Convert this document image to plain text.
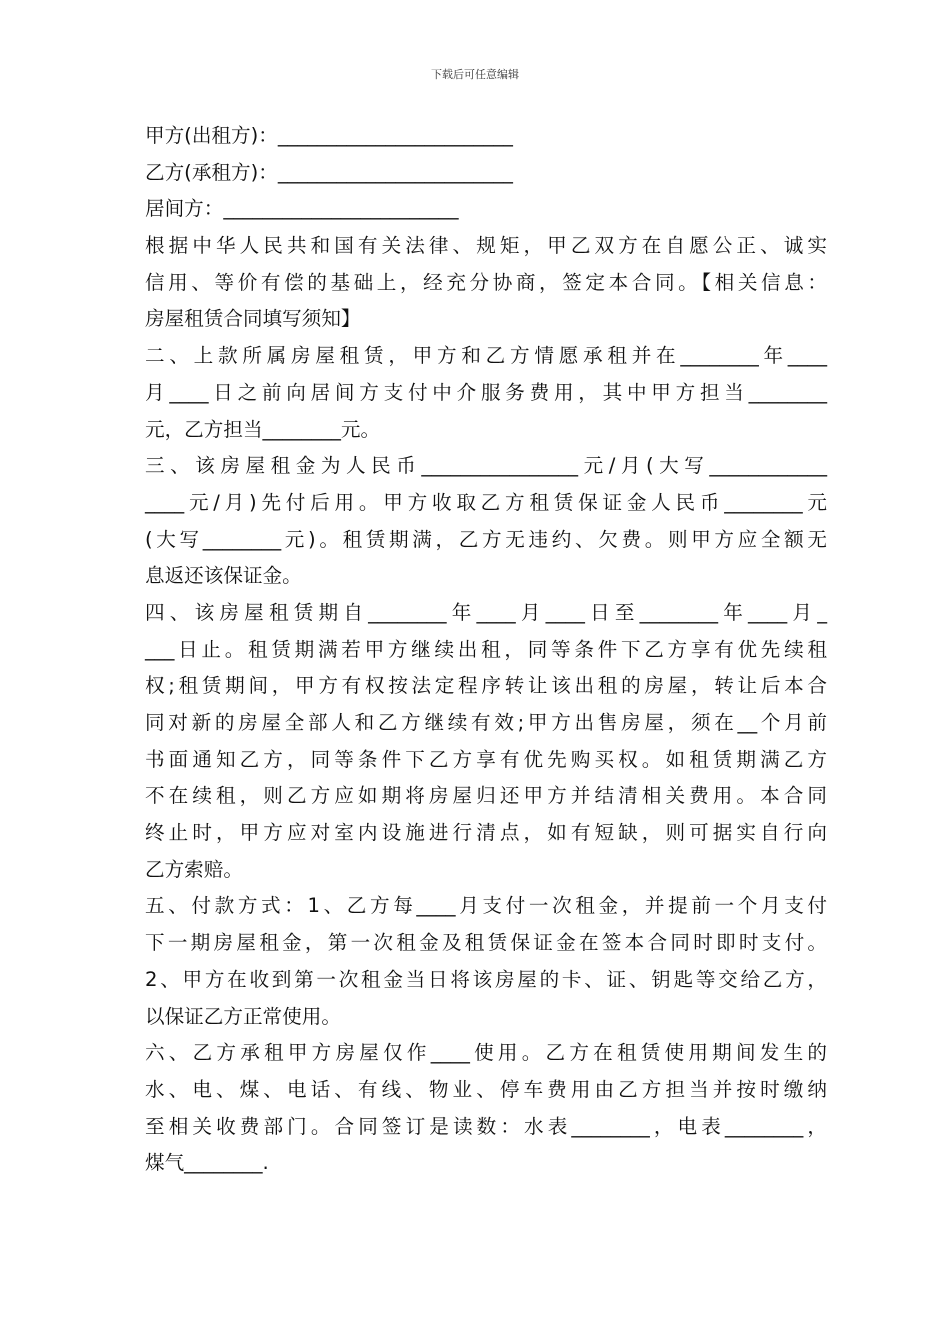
下载后可任意编辑
甲方(出租方)：________________________
乙方(承租方)：________________________
居间方：________________________
根据中华人民共和国有关法律、规矩，甲乙双方在自愿公正、诚实
信用、等价有偿的基础上，经充分协商，签定本合同。【相关信息：
房屋租赁合同填写须知】
二、上款所属房屋租赁，甲方和乙方情愿承租并在________年____
月____日之前向居间方支付中介服务费用，其中甲方担当________
元，乙方担当________元。
三、该房屋租金为人民币________________元/月(大写____________
____元/月)先付后用。甲方收取乙方租赁保证金人民币________元
(大写________元)。租赁期满，乙方无违约、欠费。则甲方应全额无
息返还该保证金。
四、该房屋租赁期自________年____月____日至________年____月_
___日止。租赁期满若甲方继续出租，同等条件下乙方享有优先续租
权;租赁期间，甲方有权按法定程序转让该出租的房屋，转让后本合
同对新的房屋全部人和乙方继续有效;甲方出售房屋，须在__个月前
书面通知乙方，同等条件下乙方享有优先购买权。如租赁期满乙方
不在续租，则乙方应如期将房屋归还甲方并结清相关费用。本合同
终止时，甲方应对室内设施进行清点，如有短缺，则可据实自行向
乙方索赔。
五、付款方式：1、乙方每____月支付一次租金，并提前一个月支付
下一期房屋租金，第一次租金及租赁保证金在签本合同时即时支付。
2、甲方在收到第一次租金当日将该房屋的卡、证、钥匙等交给乙方，
以保证乙方正常使用。
六、乙方承租甲方房屋仅作____使用。乙方在租赁使用期间发生的
水、电、煤、电话、有线、物业、停车费用由乙方担当并按时缴纳
至相关收费部门。合同签订是读数：水表________，电表________，
煤气________.
